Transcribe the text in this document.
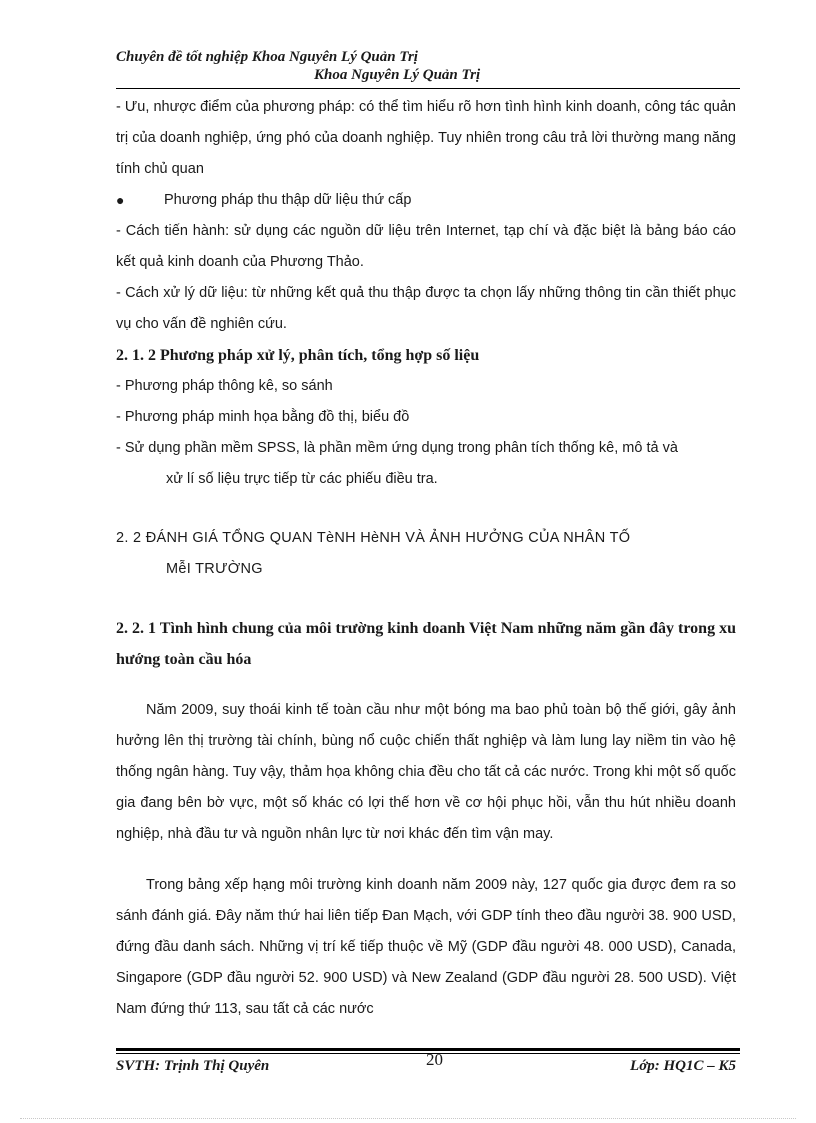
Chuyên đề tốt nghiệp Khoa Nguyên Lý Quản Trị
Khoa Nguyên Lý Quản Trị
- Ưu, nhược điểm của phương pháp: có thể tìm hiểu rõ hơn tình hình kinh doanh, công tác quản trị của doanh nghiệp, ứng phó của doanh nghiệp. Tuy nhiên trong câu trả lời thường mang năng tính chủ quan
●	Phương pháp thu thập dữ liệu thứ cấp
- Cách tiến hành: sử dụng các nguồn dữ liệu trên Internet, tạp chí và đặc biệt là bảng báo cáo kết quả kinh doanh của Phương Thảo.
- Cách xử lý dữ liệu: từ những kết quả thu thập được ta chọn lấy những thông tin cần thiết phục vụ cho vấn đề nghiên cứu.
2. 1. 2 Phương pháp xử lý, phân tích, tổng hợp số liệu
- Phương pháp thông kê, so sánh
- Phương pháp minh họa bằng đồ thị, biểu đồ
- Sử dụng phần mềm SPSS, là phần mềm ứng dụng trong phân tích thống kê, mô tả và
xử lí số liệu trực tiếp từ các phiếu điều tra.
2. 2 ĐÁNH GIÁ TỔNG QUAN TèNH HèNH VÀ ẢNH HƯỞNG CỦA NHÂN TỐ
MễI TRƯỜNG
2. 2. 1 Tình hình chung của môi trường kinh doanh Việt Nam những năm gần đây trong xu hướng toàn cầu hóa
Năm 2009, suy thoái kinh tế toàn cầu như một bóng ma bao phủ toàn bộ thế giới, gây ảnh hưởng lên thị trường tài chính, bùng nổ cuộc chiến thất nghiệp và làm lung lay niềm tin vào hệ thống ngân hàng. Tuy vậy, thảm họa không chia đều cho tất cả các nước. Trong khi một số quốc gia đang bên bờ vực, một số khác có lợi thế hơn về cơ hội phục hồi, vẫn thu hút nhiều doanh nghiệp, nhà đầu tư và nguồn nhân lực từ nơi khác đến tìm vận may.
Trong bảng xếp hạng môi trường kinh doanh năm 2009 này, 127 quốc gia được đem ra so sánh đánh giá. Đây năm thứ hai liên tiếp Đan Mạch, với GDP tính theo đầu người 38. 900 USD, đứng đầu danh sách. Những vị trí kế tiếp thuộc về Mỹ (GDP đầu người 48. 000 USD), Canada, Singapore (GDP đầu người 52. 900 USD) và New Zealand (GDP đầu người 28. 500 USD). Việt Nam đứng thứ 113, sau tất cả các nước
SVTH: Trịnh Thị Quyên	20	Lớp: HQ1C – K5
